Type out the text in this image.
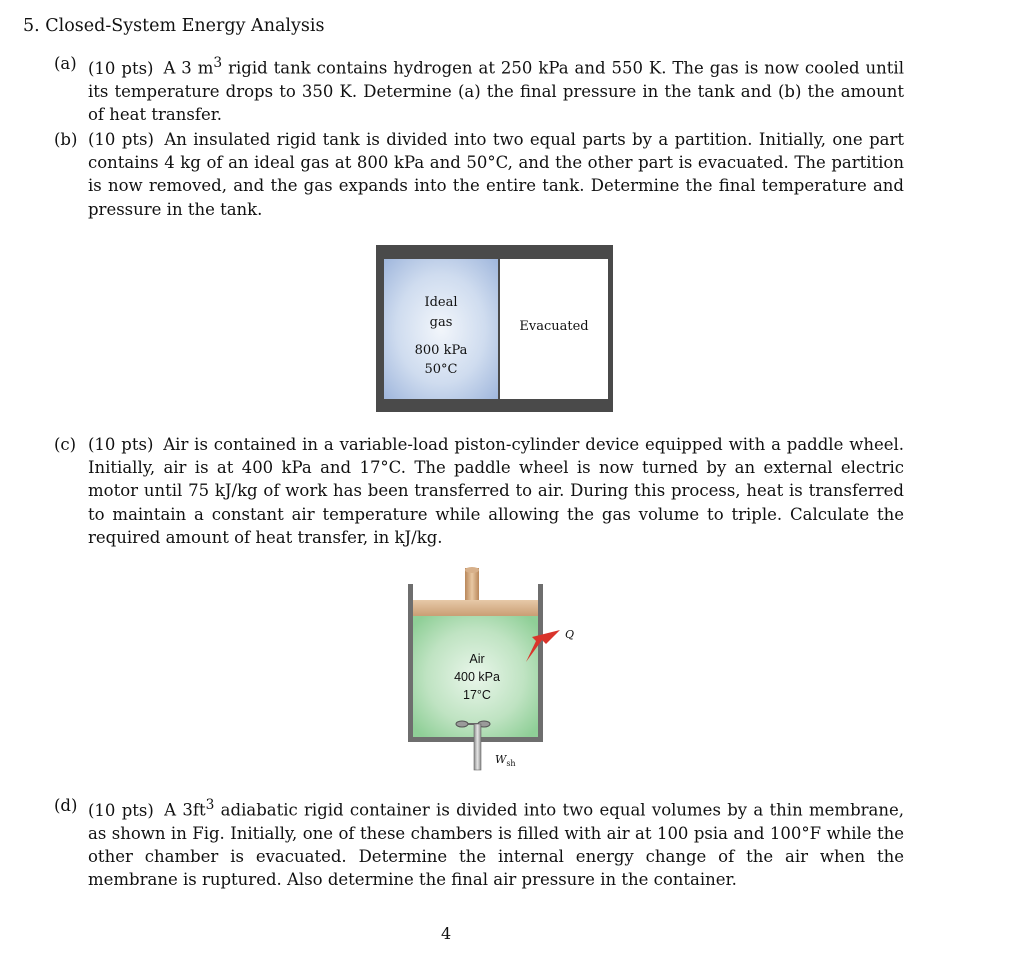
5. Closed-System Energy Analysis
(a) (10 pts) A 3 $m^3$ rigid tank contains hydrogen at 250 kPa and 550 K. The gas is now cooled until its temperature drops to 350 K. Determine (a) the final pressure in the tank and (b) the amount of heat transfer.
(b) (10 pts) An insulated rigid tank is divided into two equal parts by a partition. Initially, one part contains 4 kg of an ideal gas at 800 kPa and 50°C, and the other part is evacuated. The partition is now removed, and the gas expands into the entire tank. Determine the final temperature and pressure in the tank.
Ideal
gas
800 kPa
50°C
Evacuated
(c) (10 pts) Air is contained in a variable-load piston-cylinder device equipped with a paddle wheel. Initially, air is at 400 kPa and 17°C. The paddle wheel is now turned by an external electric motor until 75 kJ/kg of work has been transferred to air. During this process, heat is transferred to maintain a constant air temperature while allowing the gas volume to triple. Calculate the required amount of heat transfer, in kJ/kg.
Air
400 kPa
17°C
Q
$W_{sh}$
(d) (10 pts) A $3ft^3$ adiabatic rigid container is divided into two equal volumes by a thin membrane, as shown in Fig. Initially, one of these chambers is filled with air at 100 psia and 100°F while the other chamber is evacuated. Determine the internal energy change of the air when the membrane is ruptured. Also determine the final air pressure in the container.
4
